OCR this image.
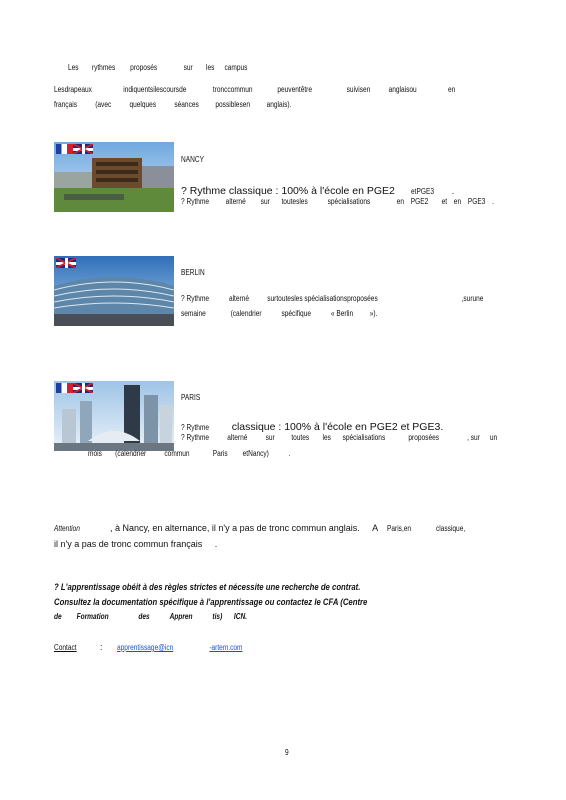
Les rythmes proposés	sur les campus
Lesdrapeaux	indiquentsilescoursde	tronccommun	peuventêtre	suivisen anglaisou	en
français (avec quelques séances possiblesen anglais).
NANCY
? Rythme classique : 100% à l'école en PGE2 etPGE3 .
? Rythme alterné sur toutesles spécialisations	en PGE2 et en PGE3 .
BERLIN
? Rythme alterné surtoutesles spécialisationsproposées	,surune
semaine	(calendrier spécifique « Berlin »).
PARIS
? Rythme classique : 100% à l'école en PGE2 et PGE3.
? Rythme alterné sur toutes les spécialisations	proposées	, sur un
mois (calendrier commun	Paris etNancy) .
Attention	, à Nancy, en alternance, il n'y a pas de tronc commun anglais. A Paris,en	classique,
il n'y a pas de tronc commun français .
? L'apprentissage obéit à des règles strictes et nécessite une recherche de contrat.
Consultez la documentation spécifique à l'apprentissage ou contactez le CFA (Centre
de Formation	des Appren tis) ICN.
Contact	: apprentissage@icn	-artem.com
9
